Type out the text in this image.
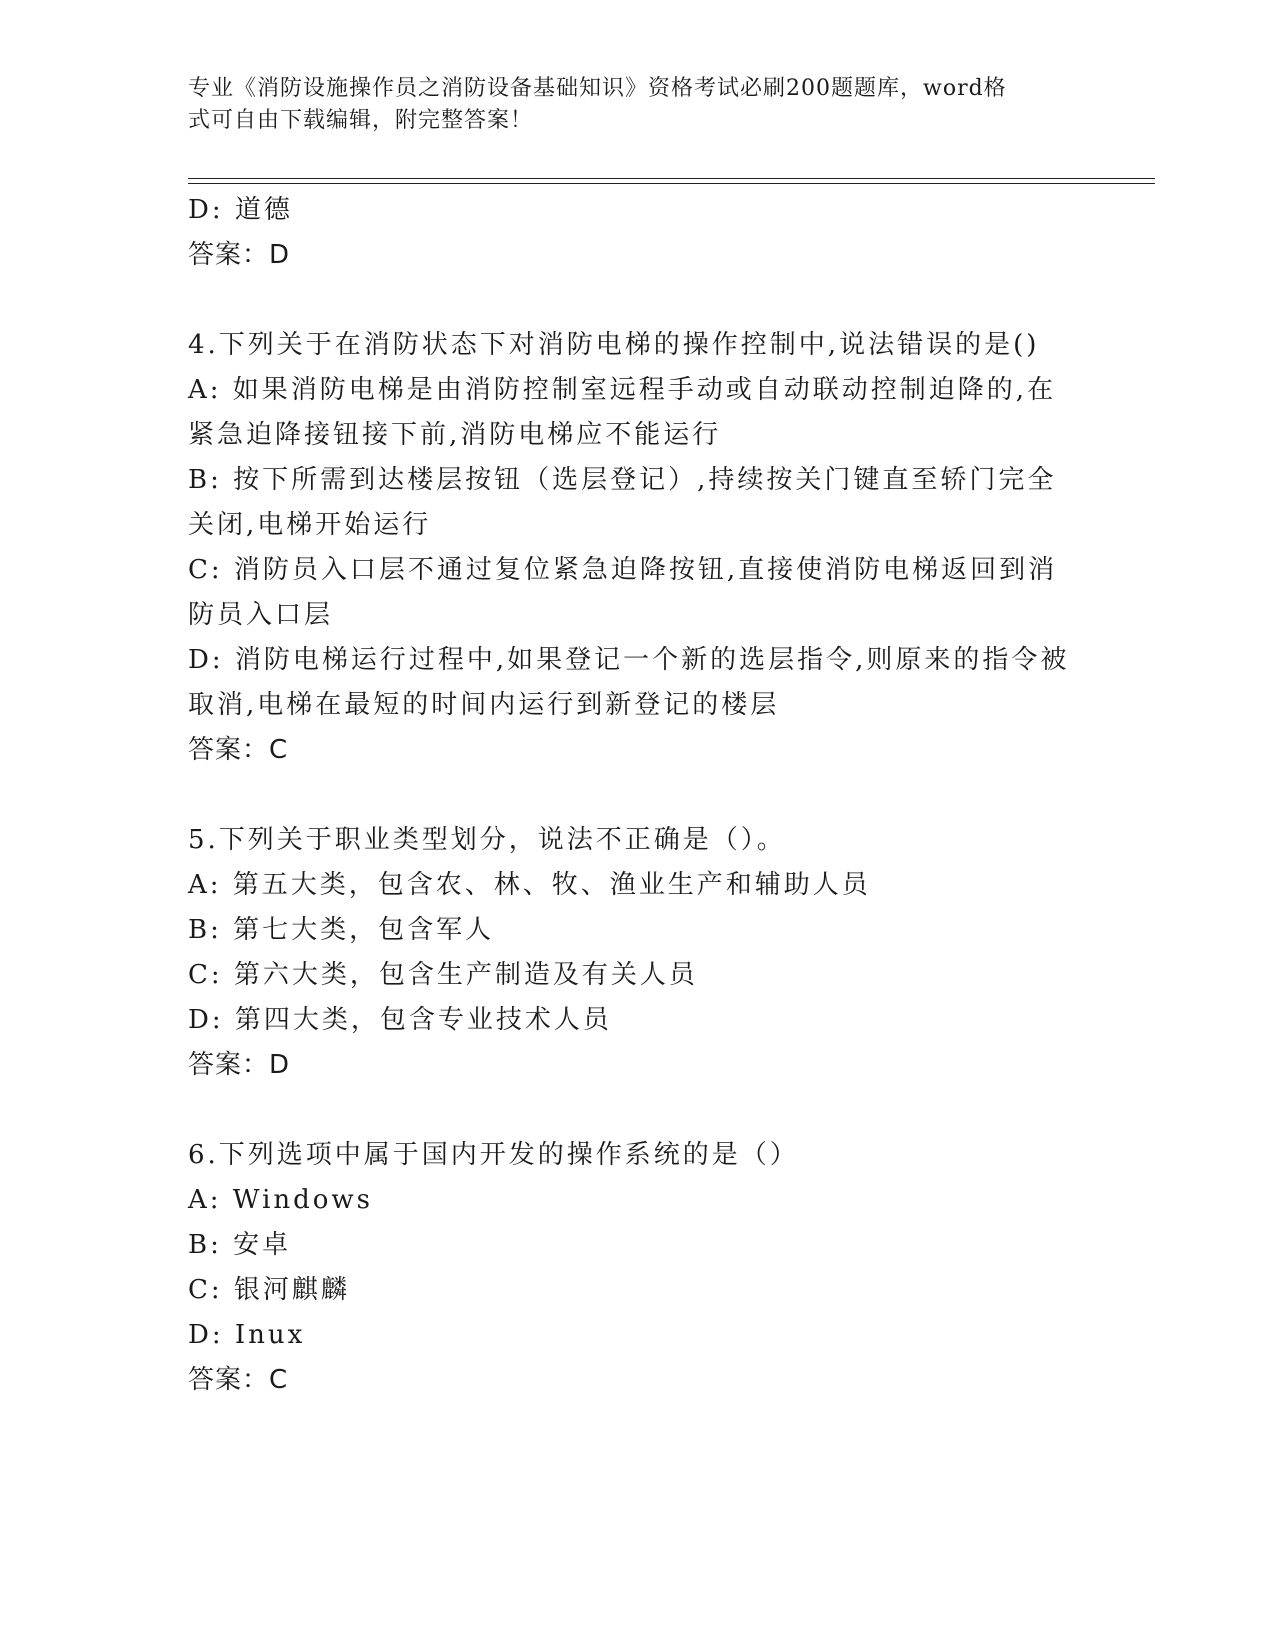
专业《消防设施操作员之消防设备基础知识》资格考试必刷200题题库，word格
式可自由下载编辑，附完整答案！
D: 道德
答案：D
4.下列关于在消防状态下对消防电梯的操作控制中,说法错误的是()
A: 如果消防电梯是由消防控制室远程手动或自动联动控制迫降的,在
紧急迫降接钮接下前,消防电梯应不能运行
B: 按下所需到达楼层按钮（选层登记）,持续按关门键直至轿门完全
关闭,电梯开始运行
C: 消防员入口层不通过复位紧急迫降按钮,直接使消防电梯返回到消
防员入口层
D: 消防电梯运行过程中,如果登记一个新的选层指令,则原来的指令被
取消,电梯在最短的时间内运行到新登记的楼层
答案：C
5.下列关于职业类型划分，说法不正确是（）。
A: 第五大类，包含农、林、牧、渔业生产和辅助人员
B: 第七大类，包含军人
C: 第六大类，包含生产制造及有关人员
D: 第四大类，包含专业技术人员
答案：D
6.下列选项中属于国内开发的操作系统的是（）
A: Windows
B: 安卓
C: 银河麒麟
D: Inux
答案：C
